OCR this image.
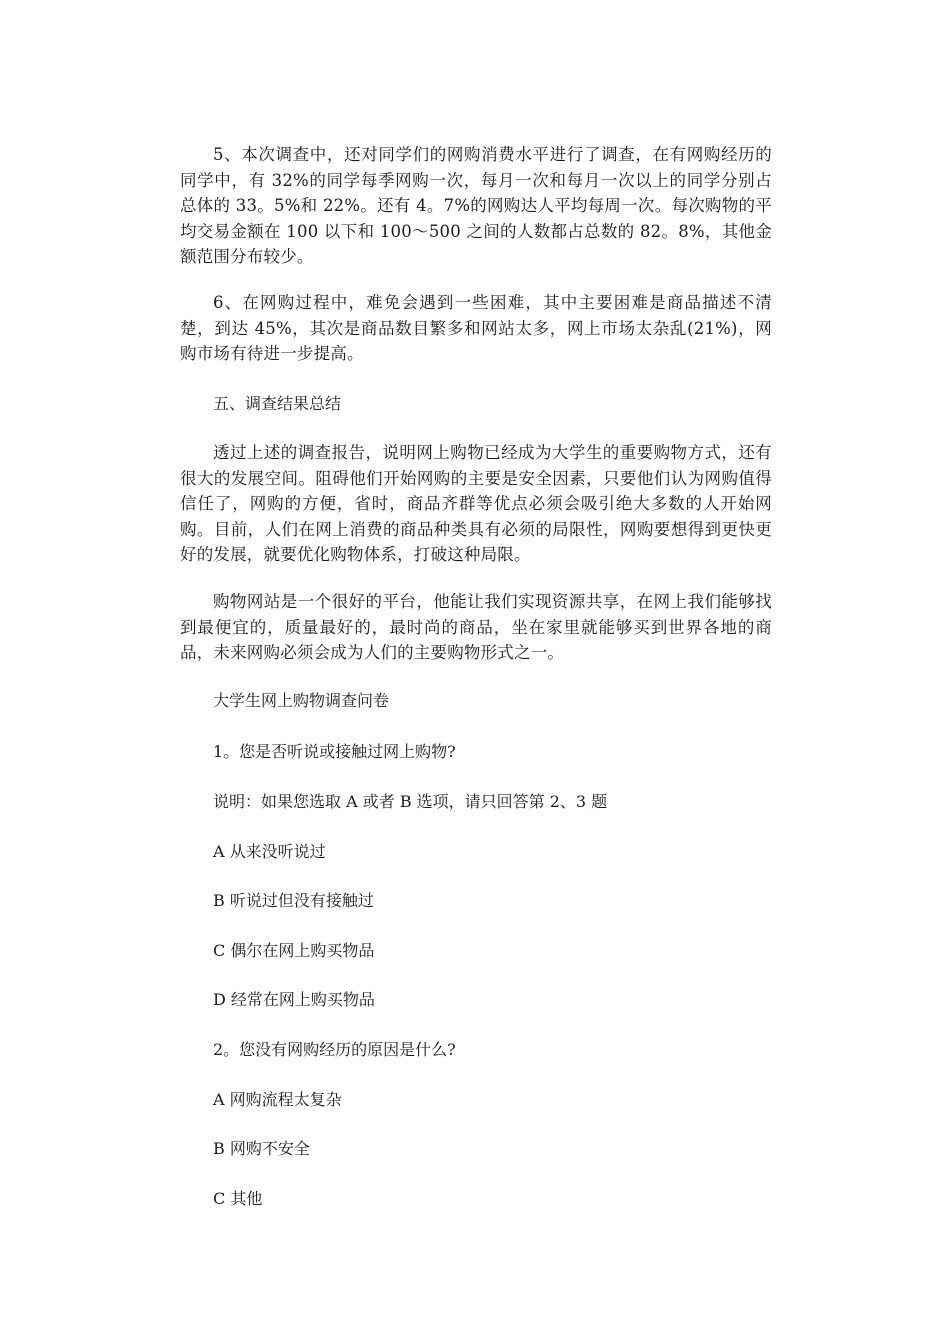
5、本次调查中，还对同学们的网购消费水平进行了调查，在有网购经历的同学中，有 32%的同学每季网购一次，每月一次和每月一次以上的同学分别占总体的 33。5%和 22%。还有 4。7%的网购达人平均每周一次。每次购物的平均交易金额在 100 以下和 100～500 之间的人数都占总数的 82。8%，其他金额范围分布较少。

6、在网购过程中，难免会遇到一些困难，其中主要困难是商品描述不清楚，到达 45%，其次是商品数目繁多和网站太多，网上市场太杂乱(21%)，网购市场有待进一步提高。

五、调查结果总结

透过上述的调查报告，说明网上购物已经成为大学生的重要购物方式，还有很大的发展空间。阻碍他们开始网购的主要是安全因素，只要他们认为网购值得信任了，网购的方便，省时，商品齐群等优点必须会吸引绝大多数的人开始网购。目前，人们在网上消费的商品种类具有必须的局限性，网购要想得到更快更好的发展，就要优化购物体系，打破这种局限。

购物网站是一个很好的平台，他能让我们实现资源共享，在网上我们能够找到最便宜的，质量最好的，最时尚的商品，坐在家里就能够买到世界各地的商品，未来网购必须会成为人们的主要购物形式之一。

大学生网上购物调查问卷

1。您是否听说或接触过网上购物?

说明：如果您选取 A 或者 B 选项，请只回答第 2、3 题

A 从来没听说过

B 听说过但没有接触过

C 偶尔在网上购买物品

D 经常在网上购买物品

2。您没有网购经历的原因是什么?

A 网购流程太复杂

B 网购不安全

C 其他
